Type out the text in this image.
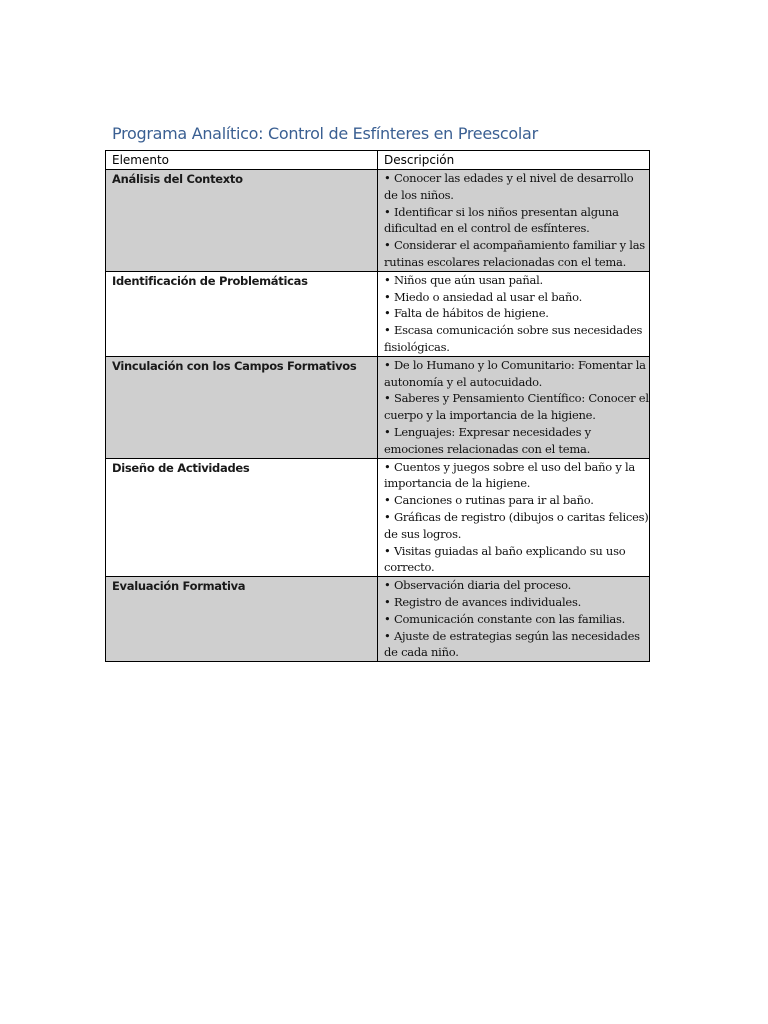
Programa Analítico: Control de Esfínteres en Preescolar
Elemento	Descripción
Análisis del Contexto	• Conocer las edades y el nivel de desarrollo de los niños.
• Identificar si los niños presentan alguna dificultad en el control de esfínteres.
• Considerar el acompañamiento familiar y las rutinas escolares relacionadas con el tema.

Identificación de Problemáticas	• Niños que aún usan pañal.
• Miedo o ansiedad al usar el baño.
• Falta de hábitos de higiene.
• Escasa comunicación sobre sus necesidades fisiológicas.

Vinculación con los Campos Formativos	• De lo Humano y lo Comunitario: Fomentar la autonomía y el autocuidado.
• Saberes y Pensamiento Científico: Conocer el cuerpo y la importancia de la higiene.
• Lenguajes: Expresar necesidades y emociones relacionadas con el tema.

Diseño de Actividades	• Cuentos y juegos sobre el uso del baño y la importancia de la higiene.
• Canciones o rutinas para ir al baño.
• Gráficas de registro (dibujos o caritas felices) de sus logros.
• Visitas guiadas al baño explicando su uso correcto.

Evaluación Formativa	• Observación diaria del proceso.
• Registro de avances individuales.
• Comunicación constante con las familias.
• Ajuste de estrategias según las necesidades de cada niño.
